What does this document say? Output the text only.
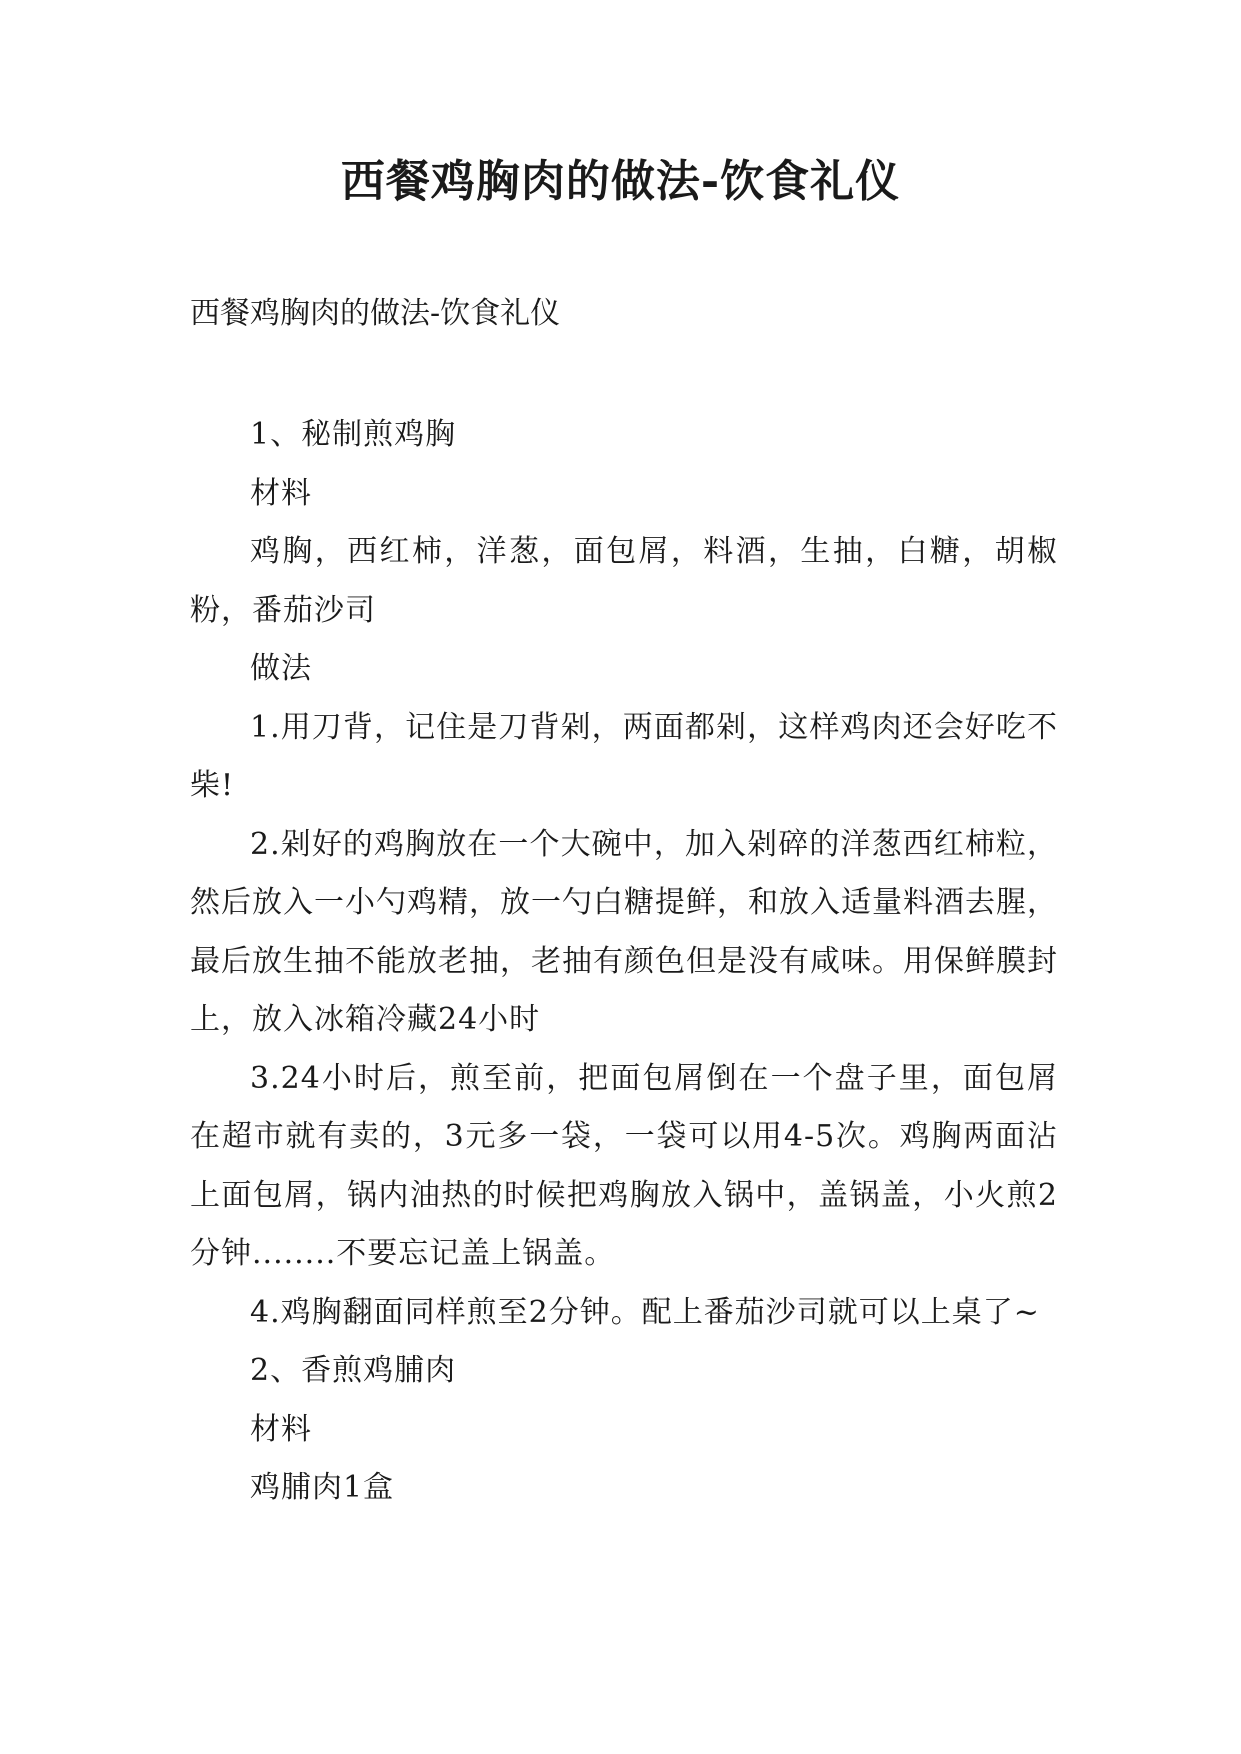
西餐鸡胸肉的做法-饮食礼仪

西餐鸡胸肉的做法-饮食礼仪

1、秘制煎鸡胸

材料

鸡胸，西红柿，洋葱，面包屑，料酒，生抽，白糖，胡椒粉，番茄沙司

做法

1.用刀背，记住是刀背剁，两面都剁，这样鸡肉还会好吃不柴!

2.剁好的鸡胸放在一个大碗中，加入剁碎的洋葱西红柿粒，然后放入一小勺鸡精，放一勺白糖提鲜，和放入适量料酒去腥，最后放生抽不能放老抽，老抽有颜色但是没有咸味。用保鲜膜封上，放入冰箱冷藏24小时

3.24小时后，煎至前，把面包屑倒在一个盘子里，面包屑在超市就有卖的，3元多一袋，一袋可以用4-5次。鸡胸两面沾上面包屑，锅内油热的时候把鸡胸放入锅中，盖锅盖，小火煎2分钟........不要忘记盖上锅盖。

4.鸡胸翻面同样煎至2分钟。配上番茄沙司就可以上桌了~

2、香煎鸡脯肉

材料

鸡脯肉1盒
